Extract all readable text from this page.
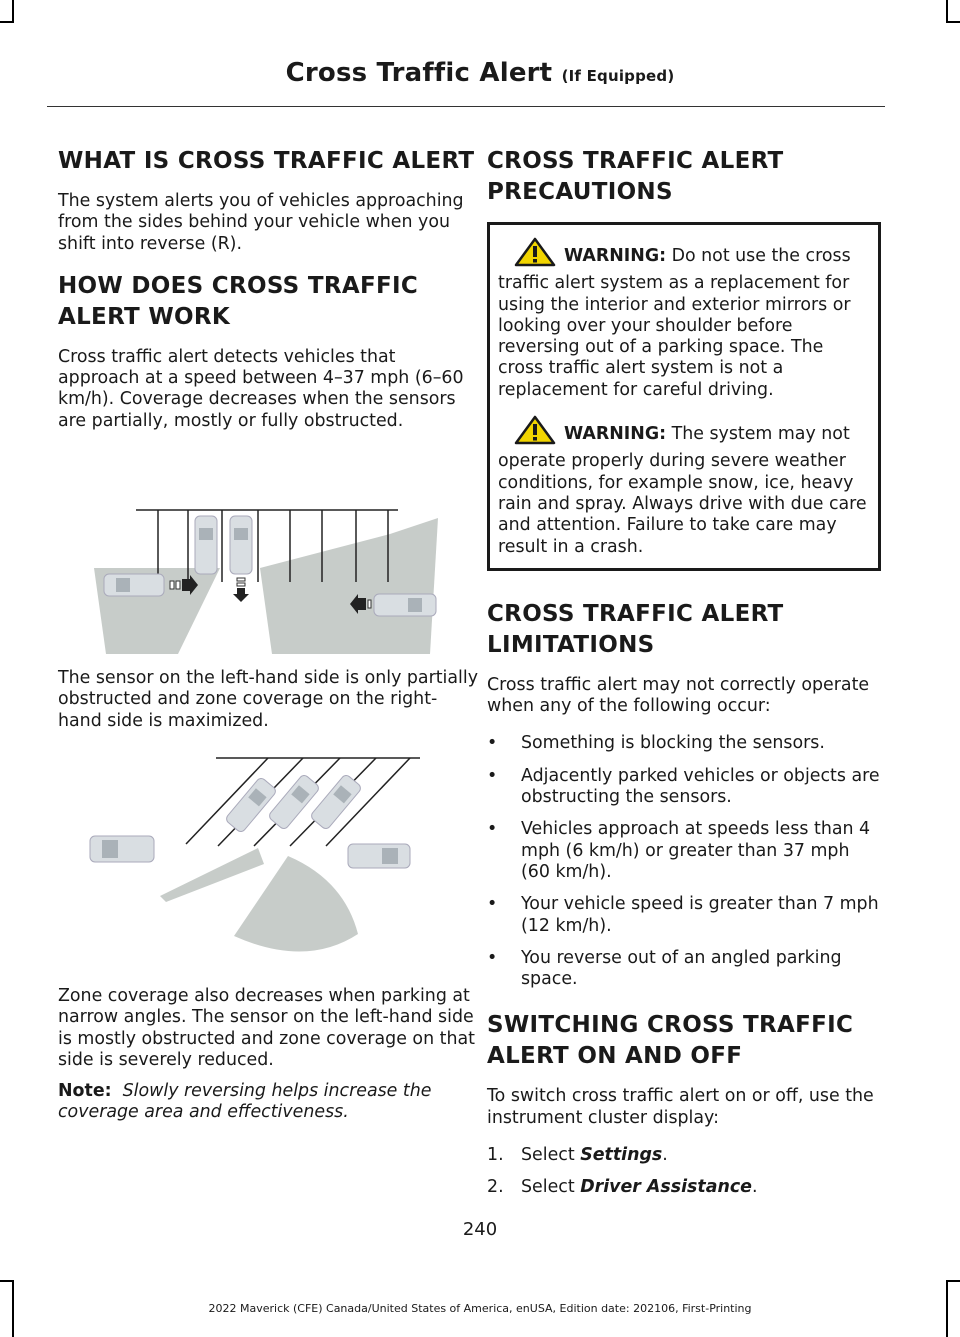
Cross Traffic Alert (If Equipped)
WHAT IS CROSS TRAFFIC ALERT

The system alerts you of vehicles approaching from the sides behind your vehicle when you shift into reverse (R).

HOW DOES CROSS TRAFFIC ALERT WORK

Cross traffic alert detects vehicles that approach at a speed between 4–37 mph (6–60 km/h). Coverage decreases when the sensors are partially, mostly or fully obstructed.

The sensor on the left-hand side is only partially obstructed and zone coverage on the right-hand side is maximized.

Zone coverage also decreases when parking at narrow angles. The sensor on the left-hand side is mostly obstructed and zone coverage on that side is severely reduced.

Note: Slowly reversing helps increase the coverage area and effectiveness.

CROSS TRAFFIC ALERT PRECAUTIONS

WARNING: Do not use the cross traffic alert system as a replacement for using the interior and exterior mirrors or looking over your shoulder before reversing out of a parking space. The cross traffic alert system is not a replacement for careful driving.

WARNING: The system may not operate properly during severe weather conditions, for example snow, ice, heavy rain and spray. Always drive with due care and attention. Failure to take care may result in a crash.

CROSS TRAFFIC ALERT LIMITATIONS

Cross traffic alert may not correctly operate when any of the following occur:

• Something is blocking the sensors.
• Adjacently parked vehicles or objects are obstructing the sensors.
• Vehicles approach at speeds less than 4 mph (6 km/h) or greater than 37 mph (60 km/h).
• Your vehicle speed is greater than 7 mph (12 km/h).
• You reverse out of an angled parking space.
SWITCHING CROSS TRAFFIC ALERT ON AND OFF

To switch cross traffic alert on or off, use the instrument cluster display:

1. Select Settings.
2. Select Driver Assistance.
240
2022 Maverick (CFE) Canada/United States of America, enUSA, Edition date: 202106, First-Printing
